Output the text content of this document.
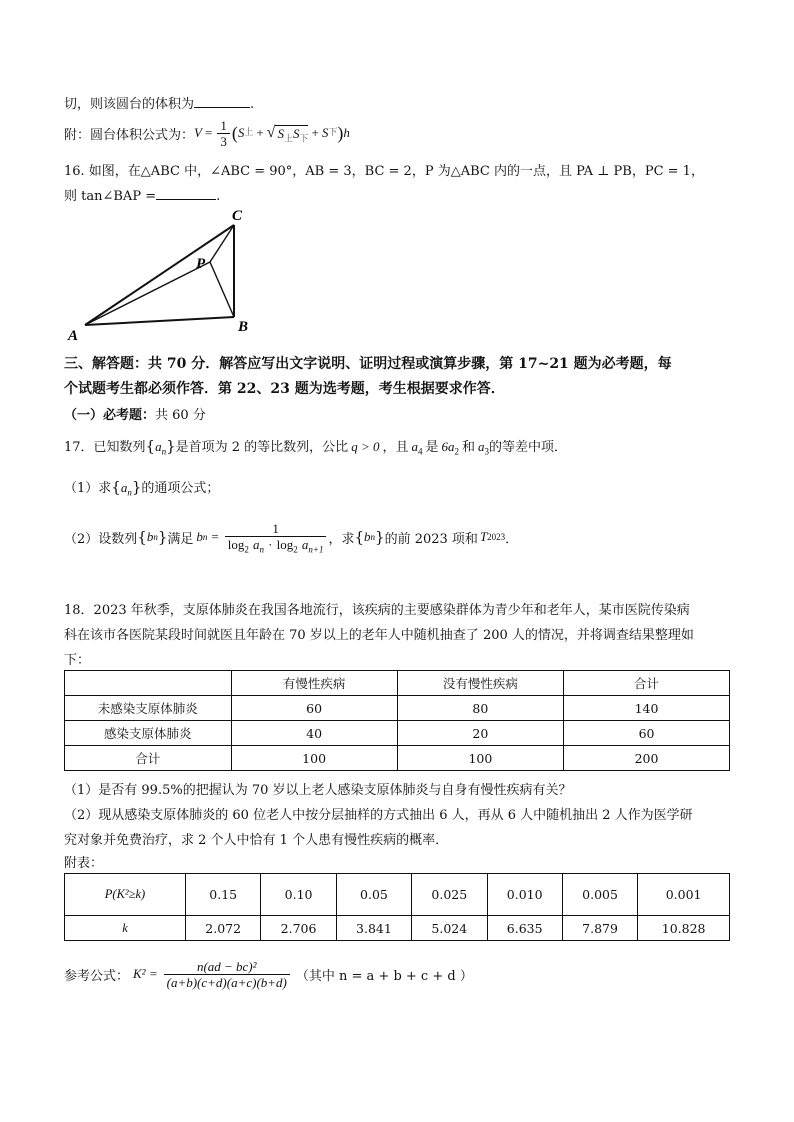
切，则该圆台的体积为	.
附：圆台体积公式为： $V = \frac{1}{3}$ ( S 上 + √ $S_上S_下 + S$ 下 ) h
16. 如图，在△ABC 中，∠ABC = 90°，AB = 3，BC = 2，P 为△ABC 内的一点，且 PA ⊥ PB，PC = 1，
则 tan∠BAP =	.
A
B
C
P
三、解答题：共 70 分．解答应写出文字说明、证明过程或演算步骤，第 17~21 题为必考题，每
个试题考生都必须作答．第 22、23 题为选考题，考生根据要求作答．
（一）必考题：共 60 分
17．已知数列$\{a_n\}$是首项为 2 的等比数列，公比 q > 0 ，且 $a_4$ 是 $6a_2$ 和 $a_3$的等差中项．
（1）求$\{a_n\}$的通项公式；
（2）设数列 { b n } 满足 b $n = \frac{1}{\log_2 a_n \cdot \log_2 a_{n+1}}$ ，求 { b n } 的前 2023 项和 T 2023 ．
18．2023 年秋季，支原体肺炎在我国各地流行，该疾病的主要感染群体为青少年和老年人，某市医院传染病
科在该市各医院某段时间就医且年龄在 70 岁以上的老年人中随机抽查了 200 人的情况，并将调查结果整理如
下：
	有慢性疾病	没有慢性疾病	合计
未感染支原体肺炎	60	80	140
感染支原体肺炎	40	20	60
合计	100	100	200
（1）是否有 99.5%的把握认为 70 岁以上老人感染支原体肺炎与自身有慢性疾病有关？
（2）现从感染支原体肺炎的 60 位老人中按分层抽样的方式抽出 6 人，再从 6 人中随机抽出 2 人作为医学研
究对象并免费治疗，求 2 个人中恰有 1 个人患有慢性疾病的概率．
附表：
P(K²≥k)	0.15	0.10	0.05	0.025	0.010	0.005	0.001
k	2.072	2.706	3.841	5.024	6.635	7.879	10.828
参考公式： $K^2 = \frac{\text{n(ad − bc)²}}{(a+b)(c+d)(a+c)(b+d)}$ （其中 n = a + b + c + d ）
